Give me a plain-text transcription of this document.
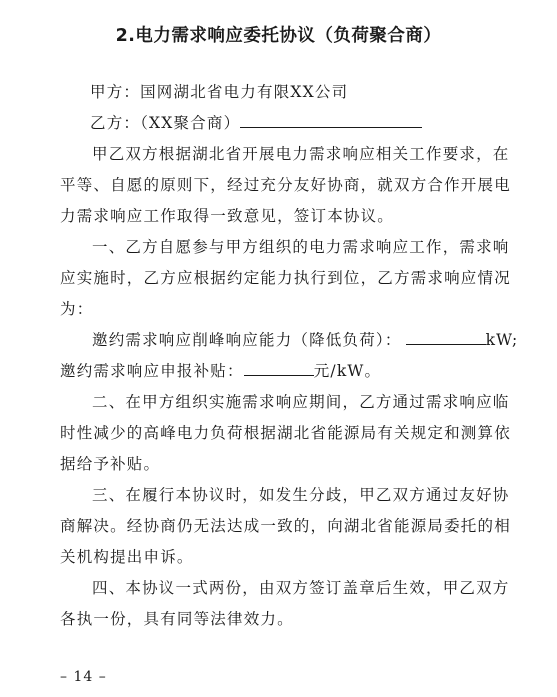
2.电力需求响应委托协议（负荷聚合商）
甲方：国网湖北省电力有限XX公司
乙方：（XX聚合商）
甲乙双方根据湖北省开展电力需求响应相关工作要求，在
平等、自愿的原则下，经过充分友好协商，就双方合作开展电
力需求响应工作取得一致意见，签订本协议。
一、乙方自愿参与甲方组织的电力需求响应工作，需求响
应实施时，乙方应根据约定能力执行到位，乙方需求响应情况
为：
邀约需求响应削峰响应能力（降低负荷）：	kW;
邀约需求响应申报补贴：	元/kW。
二、在甲方组织实施需求响应期间，乙方通过需求响应临
时性减少的高峰电力负荷根据湖北省能源局有关规定和测算依
据给予补贴。
三、在履行本协议时，如发生分歧，甲乙双方通过友好协
商解决。经协商仍无法达成一致的，向湖北省能源局委托的相
关机构提出申诉。
四、本协议一式两份，由双方签订盖章后生效，甲乙双方
各执一份，具有同等法律效力。
– 14 –
